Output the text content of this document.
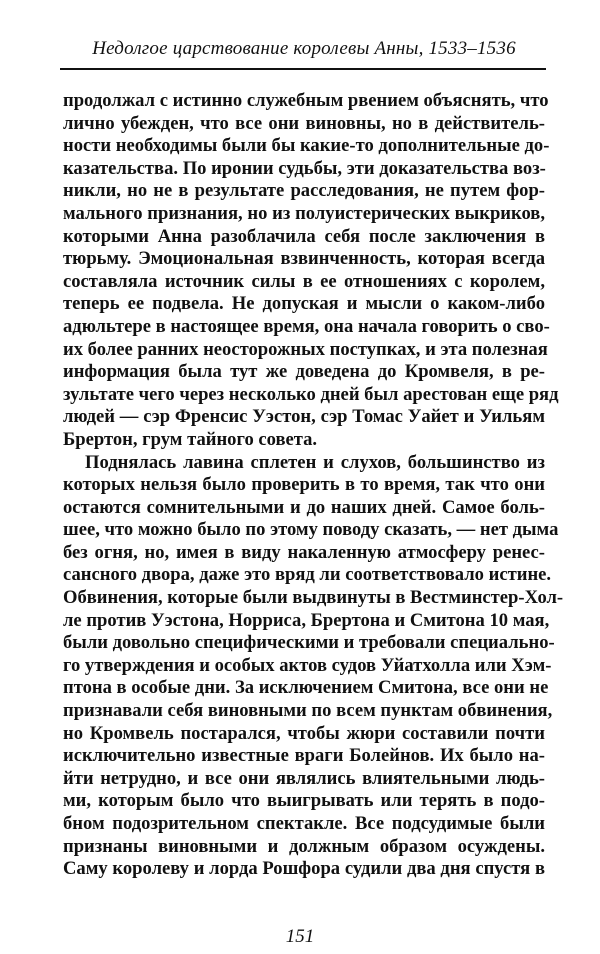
Недолгое царствование королевы Анны, 1533–1536
продолжал с истинно служебным рвением объяснять, что
лично убежден, что все они виновны, но в действитель-
ности необходимы были бы какие-то дополнительные до-
казательства. По иронии судьбы, эти доказательства воз-
никли, но не в результате расследования, не путем фор-
мального признания, но из полуистерических выкриков,
которыми Анна разоблачила себя после заключения в
тюрьму. Эмоциональная взвинченность, которая всегда
составляла источник силы в ее отношениях с королем,
теперь ее подвела. Не допуская и мысли о каком-либо
адюльтере в настоящее время, она начала говорить о сво-
их более ранних неосторожных поступках, и эта полезная
информация была тут же доведена до Кромвеля, в ре-
зультате чего через несколько дней был арестован еще ряд
людей — сэр Френсис Уэстон, сэр Томас Уайет и Уильям
Брертон, грум тайного совета.
Поднялась лавина сплетен и слухов, большинство из
которых нельзя было проверить в то время, так что они
остаются сомнительными и до наших дней. Самое боль-
шее, что можно было по этому поводу сказать, — нет дыма
без огня, но, имея в виду накаленную атмосферу ренес-
сансного двора, даже это вряд ли соответствовало истине.
Обвинения, которые были выдвинуты в Вестминстер-Хол-
ле против Уэстона, Норриса, Брертона и Смитона 10 мая,
были довольно специфическими и требовали специально-
го утверждения и особых актов судов Уйатхолла или Хэм-
птона в особые дни. За исключением Смитона, все они не
признавали себя виновными по всем пунктам обвинения,
но Кромвель постарался, чтобы жюри составили почти
исключительно известные враги Болейнов. Их было на-
йти нетрудно, и все они являлись влиятельными людь-
ми, которым было что выигрывать или терять в подо-
бном подозрительном спектакле. Все подсудимые были
признаны виновными и должным образом осуждены.
Саму королеву и лорда Рошфора судили два дня спустя в
151
